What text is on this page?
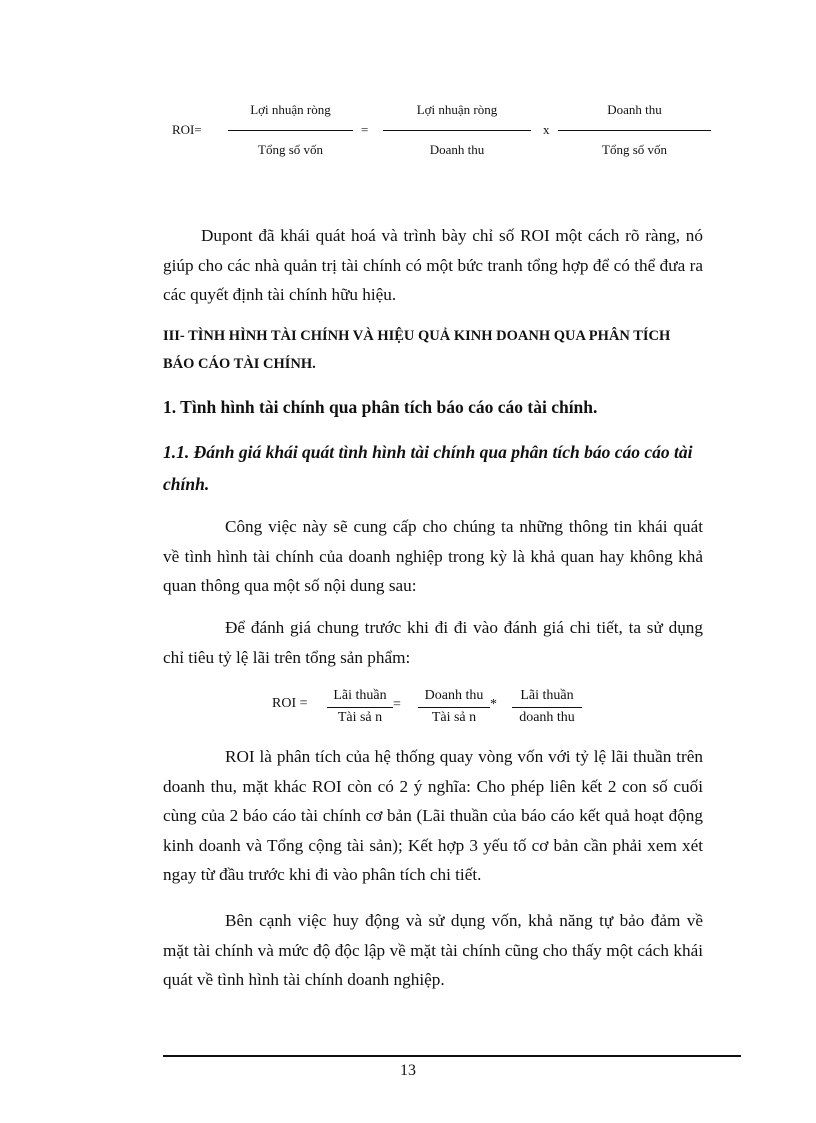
ROI=
Lợi nhuận ròng
Tổng số vốn
=
Lợi nhuận ròng
Doanh thu
x
Doanh thu
Tổng số vốn
Dupont đã khái quát hoá và trình bày chỉ số ROI một cách rõ ràng, nó giúp cho các nhà quản trị tài chính có một bức tranh tổng hợp để có thể đưa ra các quyết định tài chính hữu hiệu.
III- TÌNH HÌNH TÀI CHÍNH VÀ HIỆU QUẢ KINH DOANH QUA PHÂN TÍCH BÁO CÁO TÀI CHÍNH.
1. Tình hình tài chính qua phân tích báo cáo cáo tài chính.
1.1. Đánh giá khái quát tình hình tài chính qua phân tích báo cáo cáo tài chính.
Công việc này sẽ cung cấp cho chúng ta những thông tin khái quát về tình hình tài chính của doanh nghiệp trong kỳ là khả quan hay không khả quan thông qua một số nội dung sau:
Để đánh giá chung trước khi đi đi vào đánh giá chi tiết, ta sử dụng chỉ tiêu tỷ lệ lãi trên tổng sản phẩm:
ROI =
Lãi thuần
Tài sả n
=
Doanh thu
Tài sả n
*
Lãi thuần
doanh thu
ROI là phân tích của hệ thống quay vòng vốn với tỷ lệ lãi thuần trên doanh thu, mặt khác ROI còn có 2 ý nghĩa: Cho phép liên kết 2 con số cuối cùng của 2 báo cáo tài chính cơ bản (Lãi thuần của báo cáo kết quả hoạt động kinh doanh và Tổng cộng tài sản); Kết hợp 3 yếu tố cơ bản cần phải xem xét ngay từ đầu trước khi đi vào phân tích chi tiết.
Bên cạnh việc huy động và sử dụng vốn, khả năng tự bảo đảm về mặt tài chính và mức độ độc lập về mặt tài chính cũng cho thấy một cách khái quát về tình hình tài chính doanh nghiệp.
13
